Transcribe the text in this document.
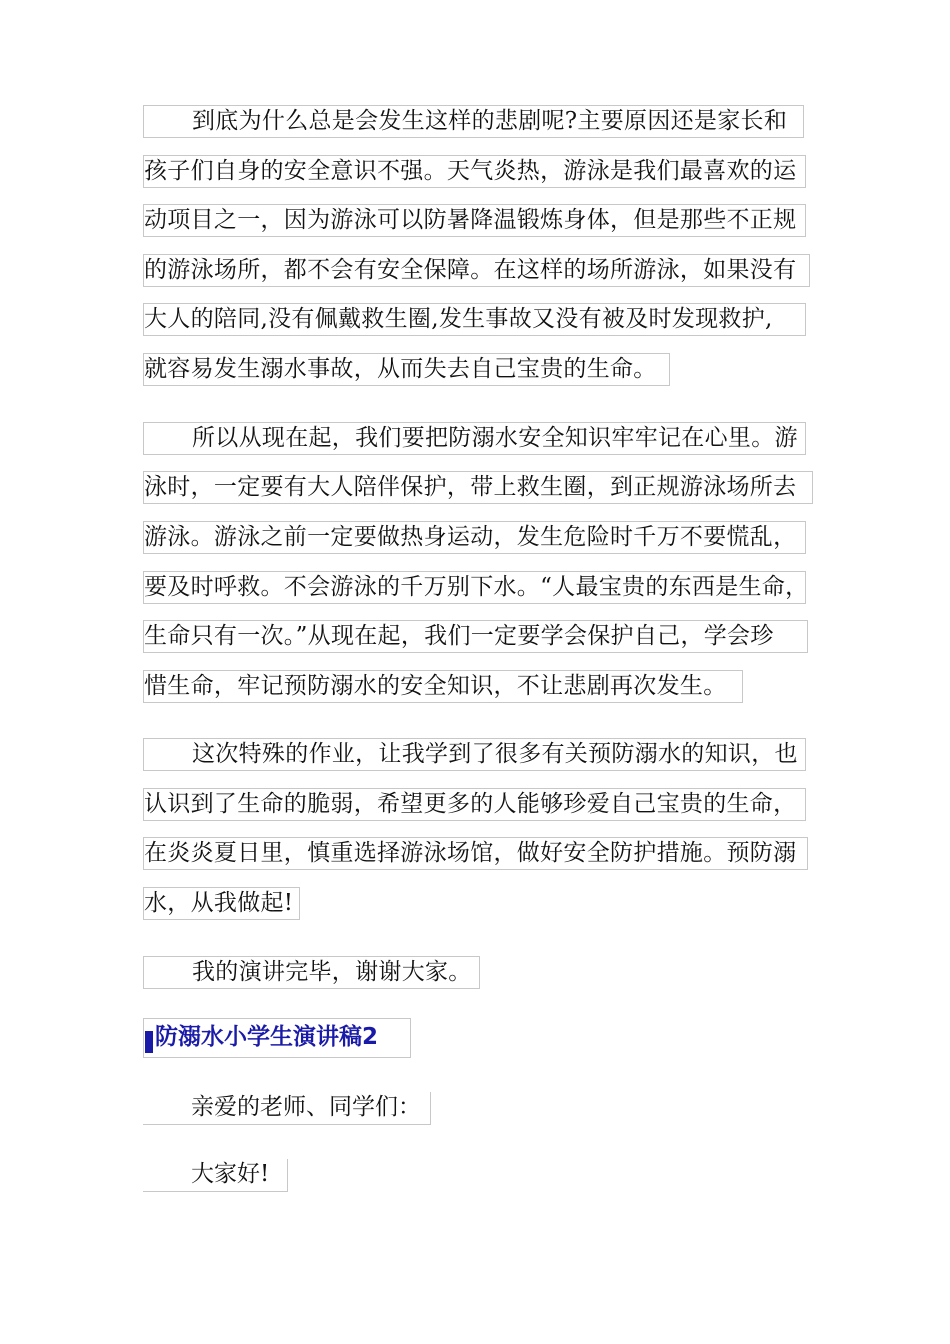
到底为什么总是会发生这样的悲剧呢?主要原因还是家长和
孩子们自身的安全意识不强。天气炎热，游泳是我们最喜欢的运
动项目之一，因为游泳可以防暑降温锻炼身体，但是那些不正规
的游泳场所，都不会有安全保障。在这样的场所游泳，如果没有
大人的陪同,没有佩戴救生圈,发生事故又没有被及时发现救护,
就容易发生溺水事故，从而失去自己宝贵的生命。
所以从现在起，我们要把防溺水安全知识牢牢记在心里。游
泳时，一定要有大人陪伴保护，带上救生圈，到正规游泳场所去
游泳。游泳之前一定要做热身运动，发生危险时千万不要慌乱，
要及时呼救。不会游泳的千万别下水。“人最宝贵的东西是生命，
生命只有一次。”从现在起，我们一定要学会保护自己，学会珍
惜生命，牢记预防溺水的安全知识，不让悲剧再次发生。
这次特殊的作业，让我学到了很多有关预防溺水的知识，也
认识到了生命的脆弱，希望更多的人能够珍爱自己宝贵的生命，
在炎炎夏日里，慎重选择游泳场馆，做好安全防护措施。预防溺
水，从我做起!
我的演讲完毕，谢谢大家。
防溺水小学生演讲稿2
亲爱的老师、同学们：
大家好!
